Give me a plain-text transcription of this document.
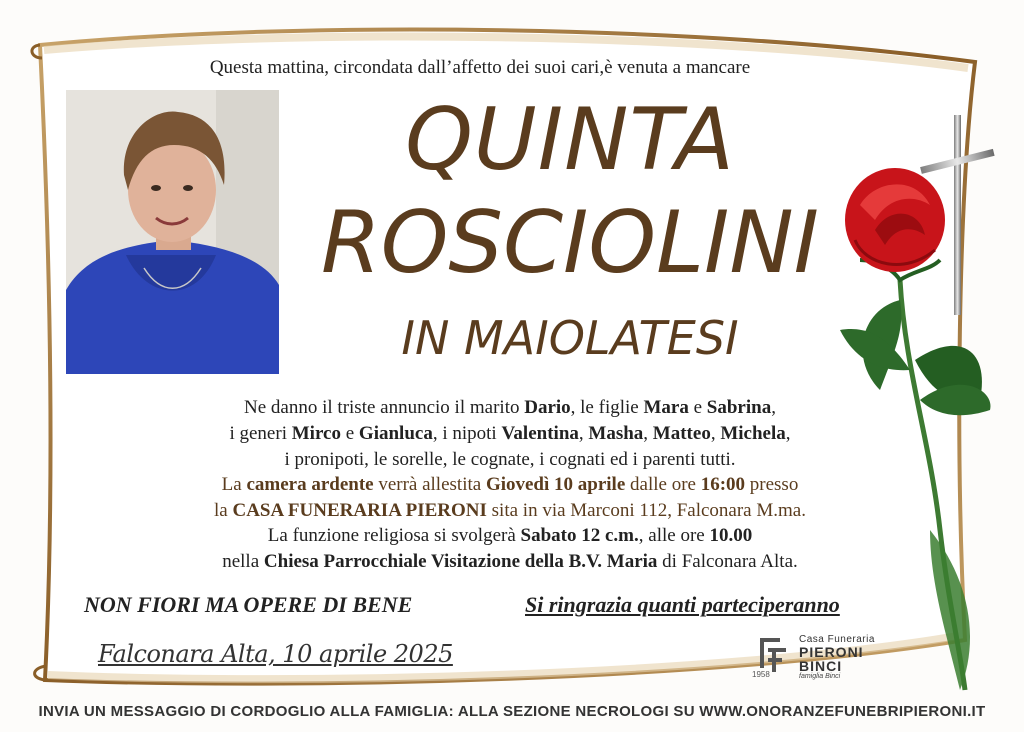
Questa mattina, circondata dall’affetto dei suoi cari,è venuta a mancare
QUINTA
ROSCIOLINI
IN MAIOLATESI
Ne danno il triste annuncio il marito Dario, le figlie Mara e Sabrina,
i generi Mirco e Gianluca, i nipoti Valentina, Masha, Matteo, Michela,
i pronipoti, le sorelle, le cognate, i cognati ed i parenti tutti.
La camera ardente verrà allestita Giovedì 10 aprile dalle ore 16:00 presso
la CASA FUNERARIA PIERONI sita in via Marconi 112, Falconara M.ma.
La funzione religiosa si svolgerà Sabato 12 c.m., alle ore 10.00
nella Chiesa Parrocchiale Visitazione della B.V. Maria di Falconara Alta.
NON FIORI MA OPERE DI BENE	Si ringrazia quanti parteciperanno
Falconara Alta, 10 aprile 2025
1958
Casa Funeraria
PIERONI
BINCI
famiglia Binci
INVIA UN MESSAGGIO DI CORDOGLIO ALLA FAMIGLIA: ALLA SEZIONE NECROLOGI SU WWW.ONORANZEFUNEBRIPIERONI.IT
